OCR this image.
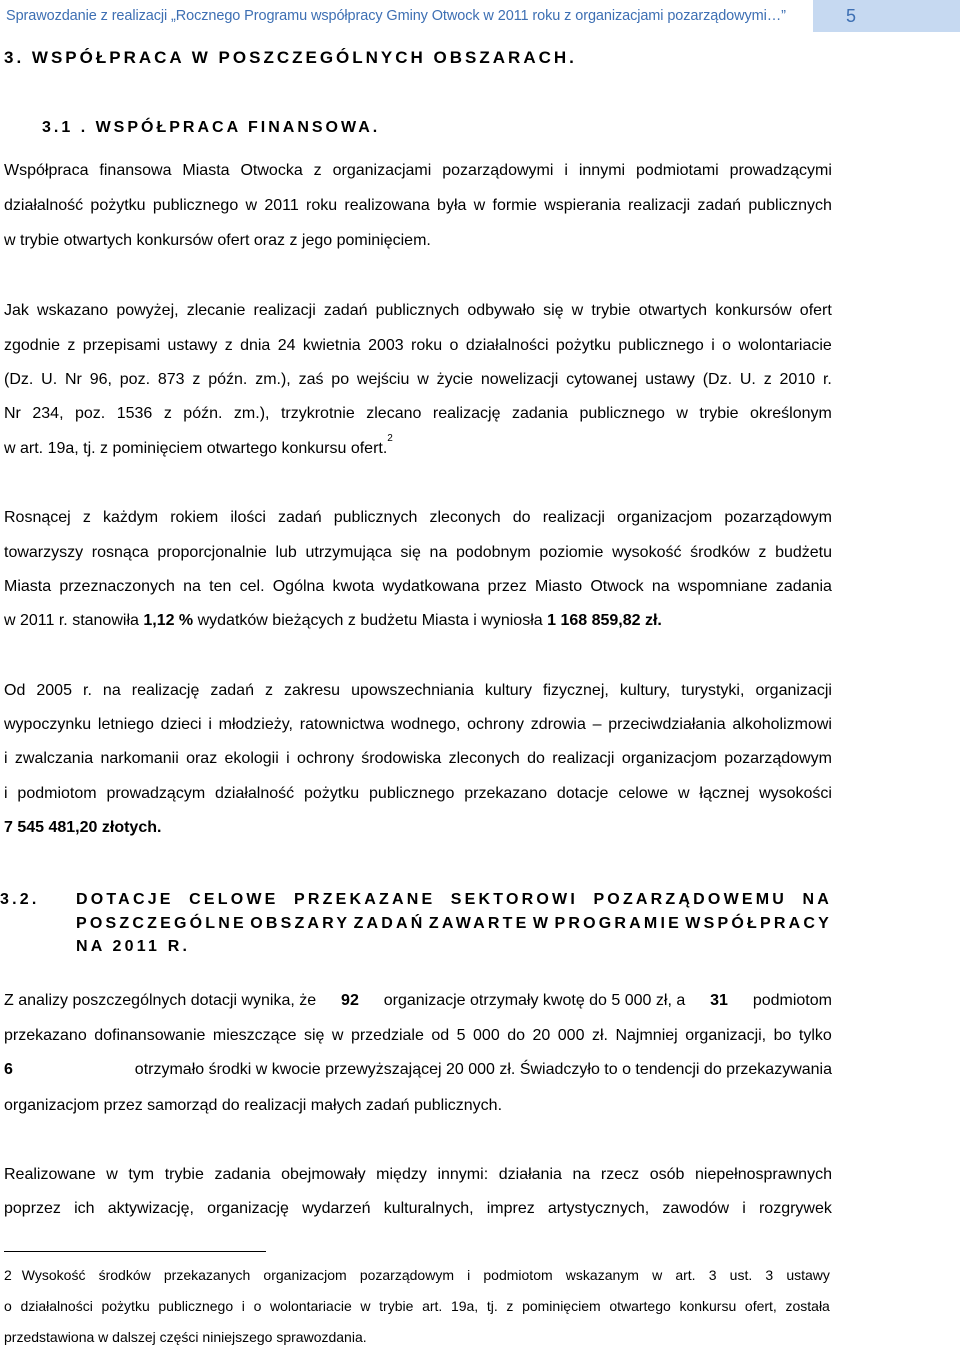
Sprawozdanie z realizacji „Rocznego Programu współpracy Gminy Otwock w 2011 roku z organizacjami pozarządowymi…”	5
3. WSPÓŁPRACA W POSZCZEGÓLNYCH OBSZARACH.
3.1 . WSPÓŁPRACA FINANSOWA.
Współpraca finansowa Miasta Otwocka z organizacjami pozarządowymi i innymi podmiotami prowadzącymi
działalność pożytku publicznego w 2011 roku realizowana była w formie wspierania realizacji zadań publicznych
w trybie otwartych konkursów ofert oraz z jego pominięciem.
Jak wskazano powyżej, zlecanie realizacji zadań publicznych odbywało się w trybie otwartych konkursów ofert
zgodnie z przepisami ustawy z dnia 24 kwietnia 2003 roku o działalności pożytku publicznego i o wolontariacie
(Dz. U. Nr 96, poz. 873 z późn. zm.), zaś po wejściu w życie nowelizacji cytowanej ustawy (Dz. U. z 2010 r.
Nr 234, poz. 1536 z późn. zm.), trzykrotnie zlecano realizację zadania publicznego w trybie określonym
w art. 19a, tj. z pominięciem otwartego konkursu ofert.
2
Rosnącej z każdym rokiem ilości zadań publicznych zleconych do realizacji organizacjom pozarządowym
towarzyszy rosnąca proporcjonalnie lub utrzymująca się na podobnym poziomie wysokość środków z budżetu
Miasta przeznaczonych na ten cel. Ogólna kwota wydatkowana przez Miasto Otwock na wspomniane zadania
w 2011 r. stanowiła 1,12 % wydatków bieżących z budżetu Miasta i wyniosła 1 168 859,82 zł.
Od 2005 r. na realizację zadań z zakresu upowszechniania kultury fizycznej, kultury, turystyki, organizacji
wypoczynku letniego dzieci i młodzieży, ratownictwa wodnego, ochrony zdrowia – przeciwdziałania alkoholizmowi
i zwalczania narkomanii oraz ekologii i ochrony środowiska zleconych do realizacji organizacjom pozarządowym
i podmiotom prowadzącym działalność pożytku publicznego przekazano dotacje celowe w łącznej wysokości
7 545 481,20 złotych.
3.2. DOTACJE CELOWE PRZEKAZANE SEKTOROWI POZARZĄDOWEMU NA
POSZCZEGÓLNE OBSZARY ZADAŃ ZAWARTE W PROGRAMIE WSPÓŁPRACY
NA 2011 R.
Z analizy poszczególnych dotacji wynika, że 92 organizacje otrzymały kwotę do 5 000 zł, a 31 podmiotom
przekazano dofinansowanie mieszczące się w przedziale od 5 000 do 20 000 zł. Najmniej organizacji, bo tylko
6	otrzymało środki w kwocie przewyższającej 20 000 zł. Świadczyło to o tendencji do przekazywania
organizacjom przez samorząd do realizacji małych zadań publicznych.
Realizowane w tym trybie zadania obejmowały między innymi: działania na rzecz osób niepełnosprawnych
poprzez ich aktywizację, organizację wydarzeń kulturalnych, imprez artystycznych, zawodów i rozgrywek
2 Wysokość środków przekazanych organizacjom pozarządowym i podmiotom wskazanym w art. 3 ust. 3 ustawy
o działalności pożytku publicznego i o wolontariacie w trybie art. 19a, tj. z pominięciem otwartego konkursu ofert, została
przedstawiona w dalszej części niniejszego sprawozdania.
